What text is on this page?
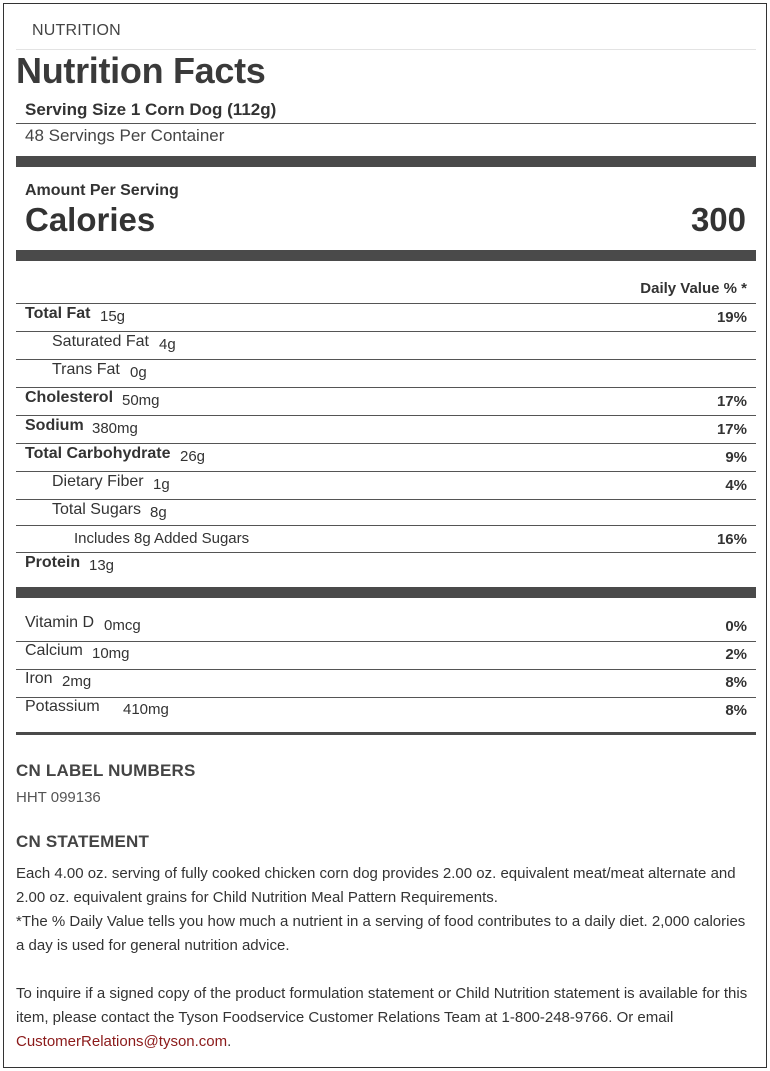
NUTRITION
Nutrition Facts
Serving Size 1 Corn Dog (112g)
48 Servings Per Container
Amount Per Serving
Calories	300
Daily Value % *
Total Fat 15g	19%
Saturated Fat 4g
Trans Fat 0g
Cholesterol 50mg	17%
Sodium 380mg	17%
Total Carbohydrate 26g	9%
Dietary Fiber 1g	4%
Total Sugars 8g
Includes 8g Added Sugars	16%
Protein 13g
Vitamin D 0mcg	0%
Calcium 10mg	2%
Iron 2mg	8%
Potassium 410mg	8%
CN LABEL NUMBERS
HHT 099136
CN STATEMENT
Each 4.00 oz. serving of fully cooked chicken corn dog provides 2.00 oz. equivalent meat/meat alternate and 2.00 oz. equivalent grains for Child Nutrition Meal Pattern Requirements.
*The % Daily Value tells you how much a nutrient in a serving of food contributes to a daily diet. 2,000 calories a day is used for general nutrition advice.
To inquire if a signed copy of the product formulation statement or Child Nutrition statement is available for this item, please contact the Tyson Foodservice Customer Relations Team at 1-800-248-9766. Or email CustomerRelations@tyson.com.
